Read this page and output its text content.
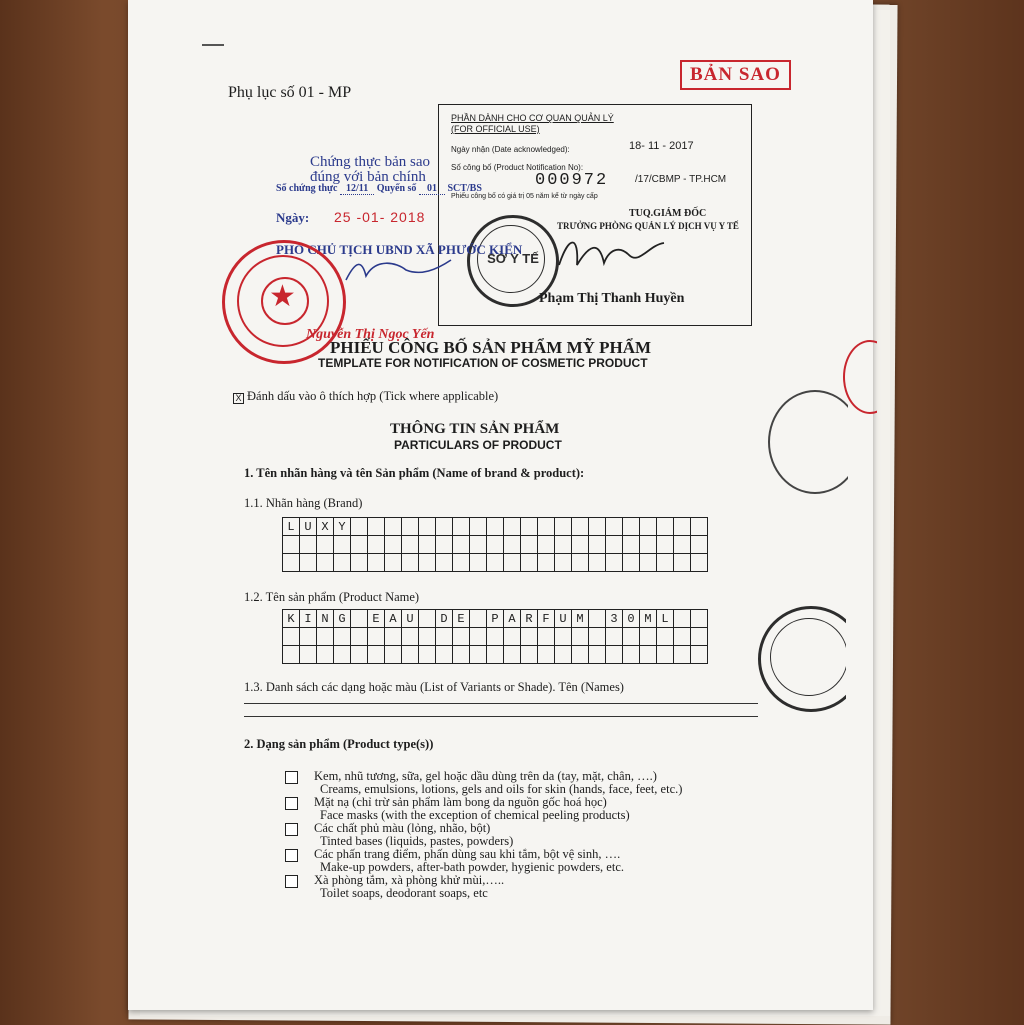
Phụ lục số 01 - MP
BẢN SAO
PHẦN DÀNH CHO CƠ QUAN QUẢN LÝ
(FOR OFFICIAL USE)
Ngày nhận (Date acknowledged):	18- 11 - 2017
Số công bố (Product Notification No):
000972	/17/CBMP - TP.HCM
Phiếu công bố có giá trị 05 năm kể từ ngày cấp
TUQ.GIÁM ĐỐC
TRƯỞNG PHÒNG QUẢN LÝ DỊCH VỤ Y TẾ
SỞ Y TẾ
Phạm Thị Thanh Huyền
Chứng thực bản sao
đúng với bản chính
Số chứng thực 12/11 Quyển số 01 SCT/BS
Ngày: 25 -01- 2018
PHÓ CHỦ TỊCH UBND XÃ PHƯỚC KIỂN
★
Nguyễn Thị Ngọc Yến
PHIẾU CÔNG BỐ SẢN PHẨM MỸ PHẨM
TEMPLATE FOR NOTIFICATION OF COSMETIC PRODUCT
X Đánh dấu vào ô thích hợp (Tick where applicable)
THÔNG TIN SẢN PHẨM
PARTICULARS OF PRODUCT
1. Tên nhãn hàng và tên Sản phẩm (Name of brand & product):
1.1. Nhãn hàng (Brand)
L	U	X	Y																					

1.2. Tên sản phẩm (Product Name)
K	I	N	G		E	A	U		D	E		P	A	R	F	U	M		3	0	M	L		

1.3. Danh sách các dạng hoặc màu (List of Variants or Shade). Tên (Names)
2. Dạng sản phẩm (Product type(s))
Kem, nhũ tương, sữa, gel hoặc dầu dùng trên da (tay, mặt, chân, ….)
Creams, emulsions, lotions, gels and oils for skin (hands, face, feet, etc.)
Mặt nạ (chỉ trừ sản phẩm làm bong da nguồn gốc hoá học)
Face masks (with the exception of chemical peeling products)
Các chất phủ màu (lỏng, nhão, bột)
Tinted bases (liquids, pastes, powders)
Các phấn trang điểm, phấn dùng sau khi tắm, bột vệ sinh, ….
Make-up powders, after-bath powder, hygienic powders, etc.
Xà phòng tắm, xà phòng khử mùi,…..
Toilet soaps, deodorant soaps, etc
